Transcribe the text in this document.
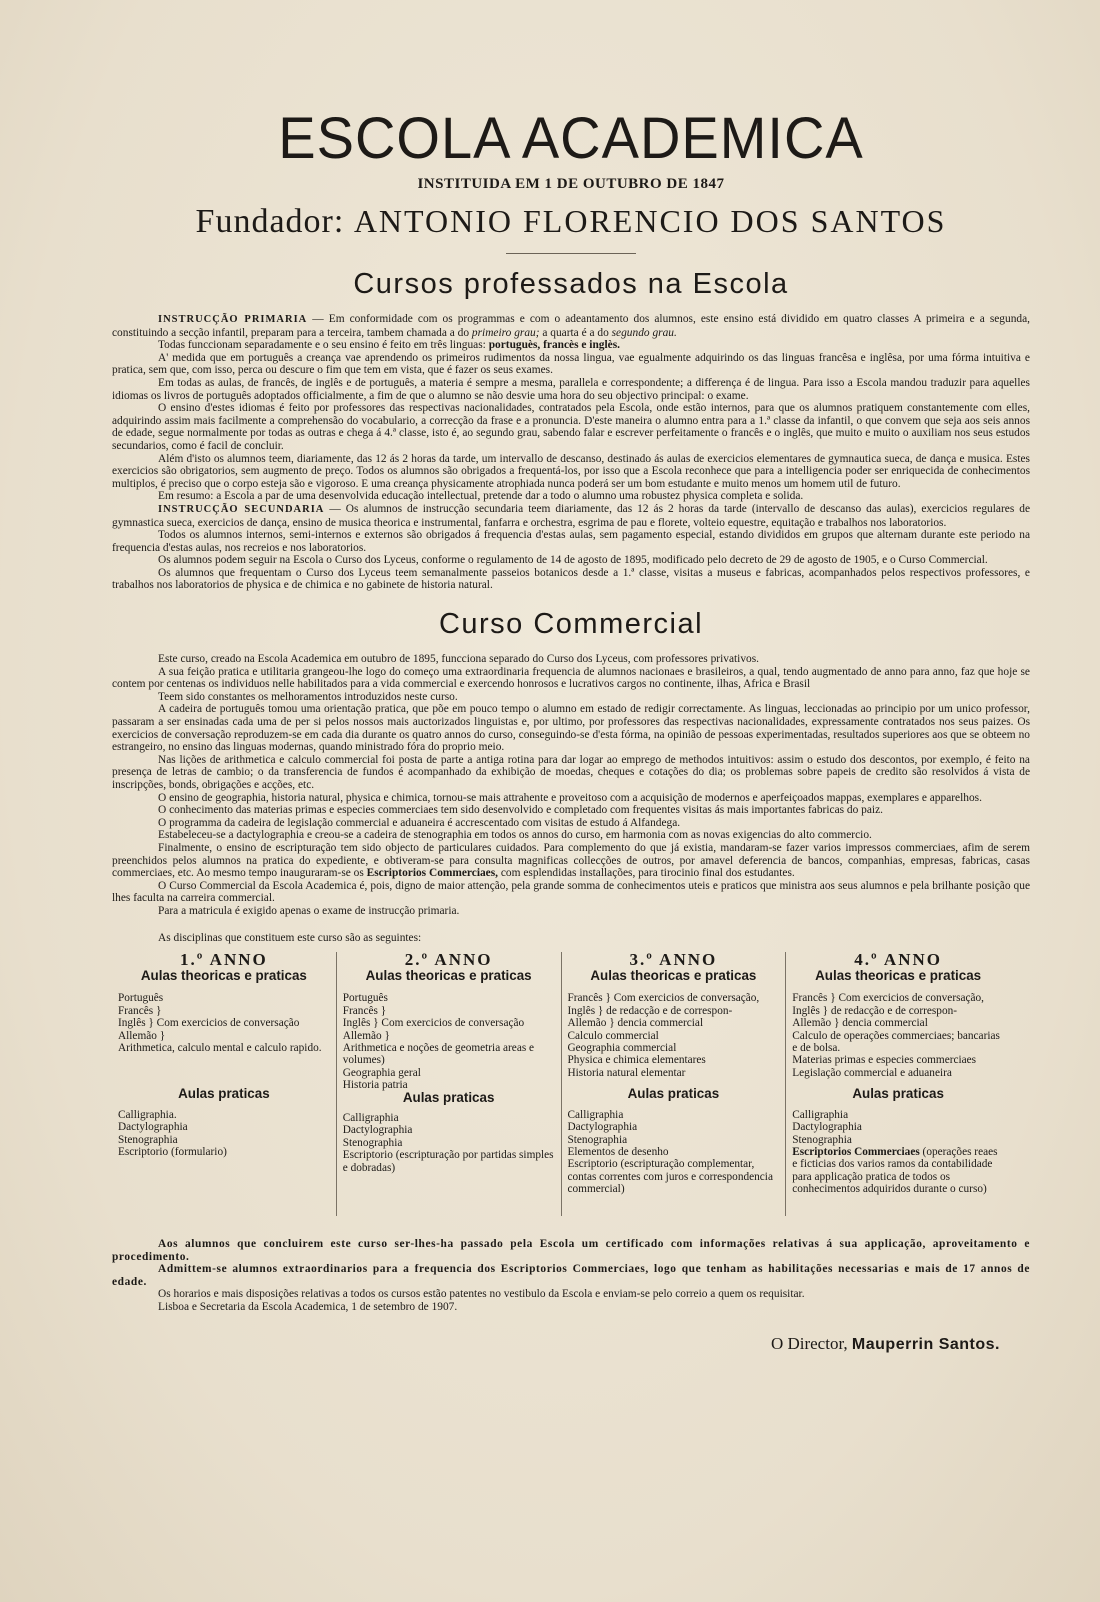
ESCOLA ACADEMICA
INSTITUIDA EM 1 DE OUTUBRO DE 1847
Fundador: ANTONIO FLORENCIO DOS SANTOS
Cursos professados na Escola

INSTRUCÇÃO PRIMARIA — Em conformidade com os programmas e com o adeantamento dos alumnos, este ensino está dividido em quatro classes A primeira e a segunda, constituindo a secção infantil, preparam para a terceira, tambem chamada a do primeiro grau; a quarta é a do segundo grau.

Todas funccionam separadamente e o seu ensino é feito em três linguas: portuguès, francès e inglès.

A' medida que em português a creança vae aprendendo os primeiros rudimentos da nossa lingua, vae egualmente adquirindo os das linguas francêsa e inglêsa, por uma fórma intuitiva e pratica, sem que, com isso, perca ou descure o fim que tem em vista, que é fazer os seus exames.

Em todas as aulas, de francês, de inglês e de português, a materia é sempre a mesma, parallela e correspondente; a differença é de lingua. Para isso a Escola mandou traduzir para aquelles idiomas os livros de português adoptados officialmente, a fim de que o alumno se não desvie uma hora do seu objectivo principal: o exame.

O ensino d'estes idiomas é feito por professores das respectivas nacionalidades, contratados pela Escola, onde estão internos, para que os alumnos pratiquem constantemente com elles, adquirindo assim mais facilmente a comprehensão do vocabulario, a correcção da frase e a pronuncia. D'este maneira o alumno entra para a 1.ª classe da infantil, o que convem que seja aos seis annos de edade, segue normalmente por todas as outras e chega á 4.ª classe, isto é, ao segundo grau, sabendo falar e escrever perfeitamente o francês e o inglês, que muito e muito o auxiliam nos seus estudos secundarios, como é facil de concluir.

Além d'isto os alumnos teem, diariamente, das 12 ás 2 horas da tarde, um intervallo de descanso, destinado ás aulas de exercicios elementares de gymnautica sueca, de dança e musica. Estes exercicios são obrigatorios, sem augmento de preço. Todos os alumnos são obrigados a frequentá-los, por isso que a Escola reconhece que para a intelligencia poder ser enriquecida de conhecimentos multiplos, é preciso que o corpo esteja são e vigoroso. E uma creança physicamente atrophiada nunca poderá ser um bom estudante e muito menos um homem util de futuro.

Em resumo: a Escola a par de uma desenvolvida educação intellectual, pretende dar a todo o alumno uma robustez physica completa e solida.

INSTRUCÇÃO SECUNDARIA — Os alumnos de instrucção secundaria teem diariamente, das 12 ás 2 horas da tarde (intervallo de descanso das aulas), exercicios regulares de gymnastica sueca, exercicios de dança, ensino de musica theorica e instrumental, fanfarra e orchestra, esgrima de pau e florete, volteio equestre, equitação e trabalhos nos laboratorios.

Todos os alumnos internos, semi-internos e externos são obrigados á frequencia d'estas aulas, sem pagamento especial, estando divididos em grupos que alternam durante este periodo na frequencia d'estas aulas, nos recreios e nos laboratorios.

Os alumnos podem seguir na Escola o Curso dos Lyceus, conforme o regulamento de 14 de agosto de 1895, modificado pelo decreto de 29 de agosto de 1905, e o Curso Commercial.

Os alumnos que frequentam o Curso dos Lyceus teem semanalmente passeios botanicos desde a 1.ª classe, visitas a museus e fabricas, acompanhados pelos respectivos professores, e trabalhos nos laboratorios de physica e de chimica e no gabinete de historia natural.

Curso Commercial

Este curso, creado na Escola Academica em outubro de 1895, funcciona separado do Curso dos Lyceus, com professores privativos.

A sua feição pratica e utilitaria grangeou-lhe logo do começo uma extraordinaria frequencia de alumnos nacionaes e brasileiros, a qual, tendo augmentado de anno para anno, faz que hoje se contem por centenas os individuos nelle habilitados para a vida commercial e exercendo honrosos e lucrativos cargos no continente, ilhas, Africa e Brasil

Teem sido constantes os melhoramentos introduzidos neste curso.

A cadeira de português tomou uma orientação pratica, que põe em pouco tempo o alumno em estado de redigir correctamente. As linguas, leccionadas ao principio por um unico professor, passaram a ser ensinadas cada uma de per si pelos nossos mais auctorizados linguistas e, por ultimo, por professores das respectivas nacionalidades, expressamente contratados nos seus paizes. Os exercicios de conversação reproduzem-se em cada dia durante os quatro annos do curso, conseguindo-se d'esta fórma, na opinião de pessoas experimentadas, resultados superiores aos que se obteem no estrangeiro, no ensino das linguas modernas, quando ministrado fóra do proprio meio.

Nas lições de arithmetica e calculo commercial foi posta de parte a antiga rotina para dar logar ao emprego de methodos intuitivos: assim o estudo dos descontos, por exemplo, é feito na presença de letras de cambio; o da transferencia de fundos é acompanhado da exhibição de moedas, cheques e cotações do dia; os problemas sobre papeis de credito são resolvidos á vista de inscripções, bonds, obrigações e acções, etc.

O ensino de geographia, historia natural, physica e chimica, tornou-se mais attrahente e proveitoso com a acquisição de modernos e aperfeiçoados mappas, exemplares e apparelhos.

O conhecimento das materias primas e especies commerciaes tem sido desenvolvido e completado com frequentes visitas ás mais importantes fabricas do paiz.

O programma da cadeira de legislação commercial e aduaneira é accrescentado com visitas de estudo á Alfandega.

Estabeleceu-se a dactylographia e creou-se a cadeira de stenographia em todos os annos do curso, em harmonia com as novas exigencias do alto commercio.

Finalmente, o ensino de escripturação tem sido objecto de particulares cuidados. Para complemento do que já existia, mandaram-se fazer varios impressos commerciaes, afim de serem preenchidos pelos alumnos na pratica do expediente, e obtiveram-se para consulta magnificas collecções de outros, por amavel deferencia de bancos, companhias, empresas, fabricas, casas commerciaes, etc. Ao mesmo tempo inauguraram-se os Escriptorios Commerciaes, com esplendidas installações, para tirocinio final dos estudantes.

O Curso Commercial da Escola Academica é, pois, digno de maior attenção, pela grande somma de conhecimentos uteis e praticos que ministra aos seus alumnos e pela brilhante posição que lhes faculta na carreira commercial.

Para a matricula é exigido apenas o exame de instrucção primaria.

As disciplinas que constituem este curso são as seguintes:
1.º ANNO
Aulas theoricas e praticas
Português
Francês }
Inglês } Com exercicios de conversação
Allemão }
Arithmetica, calculo mental e calculo rapido.
Aulas praticas
Calligraphia.
Dactylographia
Stenographia
Escriptorio (formulario)
2.º ANNO
Aulas theoricas e praticas
Português
Francês }
Inglês } Com exercicios de conversação
Allemão }
Arithmetica e noções de geometria areas e volumes)
Geographia geral
Historia patria
Aulas praticas
Calligraphia
Dactylographia
Stenographia
Escriptorio (escripturação por partidas simples e dobradas)
3.º ANNO
Aulas theoricas e praticas
Francês } Com exercicios de conversação,
Inglês } de redacção e de correspon-
Allemão } dencia commercial
Calculo commercial
Geographia commercial
Physica e chimica elementares
Historia natural elementar
Aulas praticas
Calligraphia
Dactylographia
Stenographia
Elementos de desenho
Escriptorio (escripturação complementar, contas correntes com juros e correspondencia commercial)
4.º ANNO
Aulas theoricas e praticas
Francês } Com exercicios de conversação,
Inglês } de redacção e de correspon-
Allemão } dencia commercial
Calculo de operações commerciaes; bancarias e de bolsa.
Materias primas e especies commerciaes
Legislação commercial e aduaneira
Aulas praticas
Calligraphia
Dactylographia
Stenographia
Escriptorios Commerciaes (operações reaes e ficticias dos varios ramos da contabilidade para applicação pratica de todos os conhecimentos adquiridos durante o curso)

Aos alumnos que concluirem este curso ser-lhes-ha passado pela Escola um certificado com informações relativas á sua applicação, aproveitamento e procedimento.

Admittem-se alumnos extraordinarios para a frequencia dos Escriptorios Commerciaes, logo que tenham as habilitações necessarias e mais de 17 annos de edade.

Os horarios e mais disposições relativas a todos os cursos estão patentes no vestibulo da Escola e enviam-se pelo correio a quem os requisitar.

Lisboa e Secretaria da Escola Academica, 1 de setembro de 1907.

O Director, Mauperrin Santos.
